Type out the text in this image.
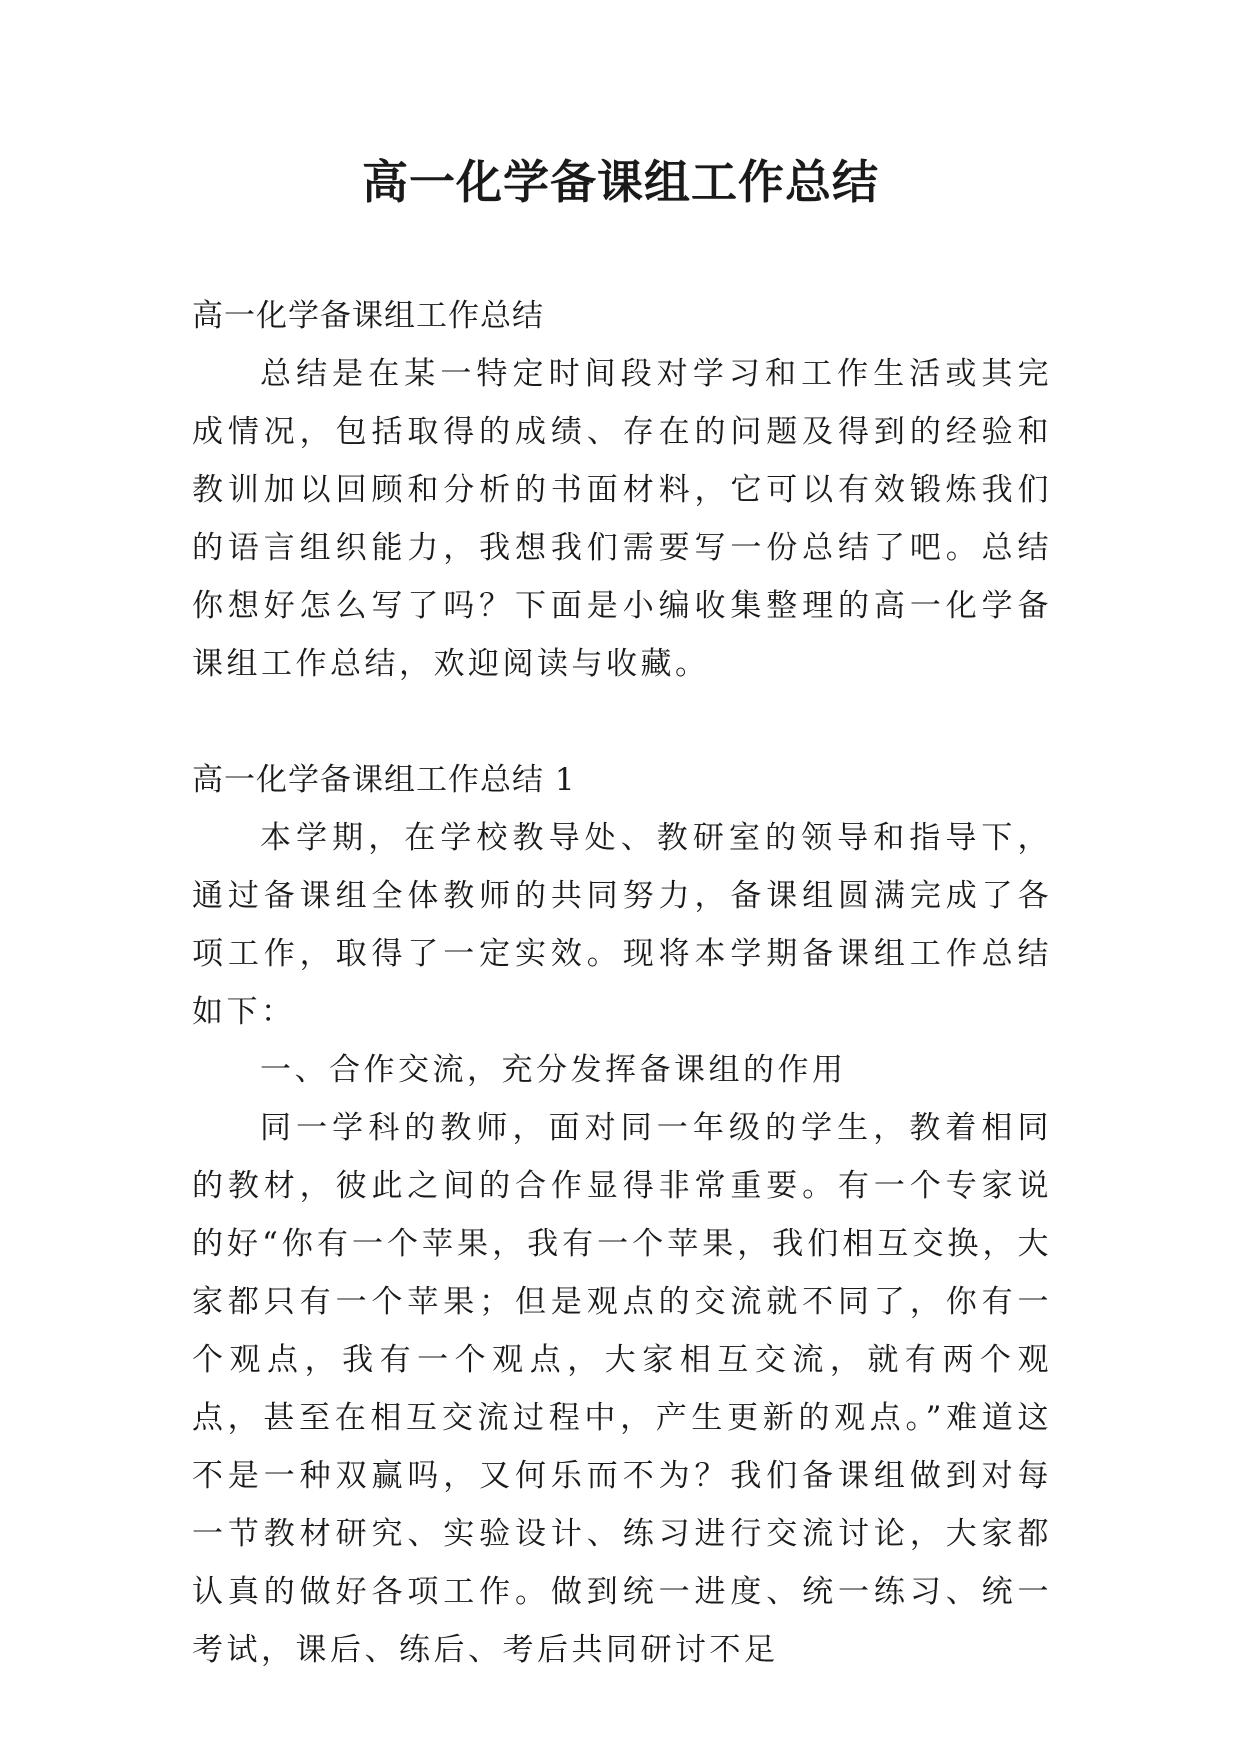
高一化学备课组工作总结

高一化学备课组工作总结

总结是在某一特定时间段对学习和工作生活或其完成情况，包括取得的成绩、存在的问题及得到的经验和教训加以回顾和分析的书面材料，它可以有效锻炼我们的语言组织能力，我想我们需要写一份总结了吧。总结你想好怎么写了吗？下面是小编收集整理的高一化学备课组工作总结，欢迎阅读与收藏。

高一化学备课组工作总结 1

本学期，在学校教导处、教研室的领导和指导下，通过备课组全体教师的共同努力，备课组圆满完成了各项工作，取得了一定实效。现将本学期备课组工作总结如下：

一、合作交流，充分发挥备课组的作用

同一学科的教师，面对同一年级的学生，教着相同的教材，彼此之间的合作显得非常重要。有一个专家说的好“你有一个苹果，我有一个苹果，我们相互交换，大家都只有一个苹果；但是观点的交流就不同了，你有一个观点，我有一个观点，大家相互交流，就有两个观点，甚至在相互交流过程中，产生更新的观点。”难道这不是一种双赢吗，又何乐而不为？我们备课组做到对每一节教材研究、实验设计、练习进行交流讨论，大家都认真的做好各项工作。做到统一进度、统一练习、统一考试，课后、练后、考后共同研讨不足
